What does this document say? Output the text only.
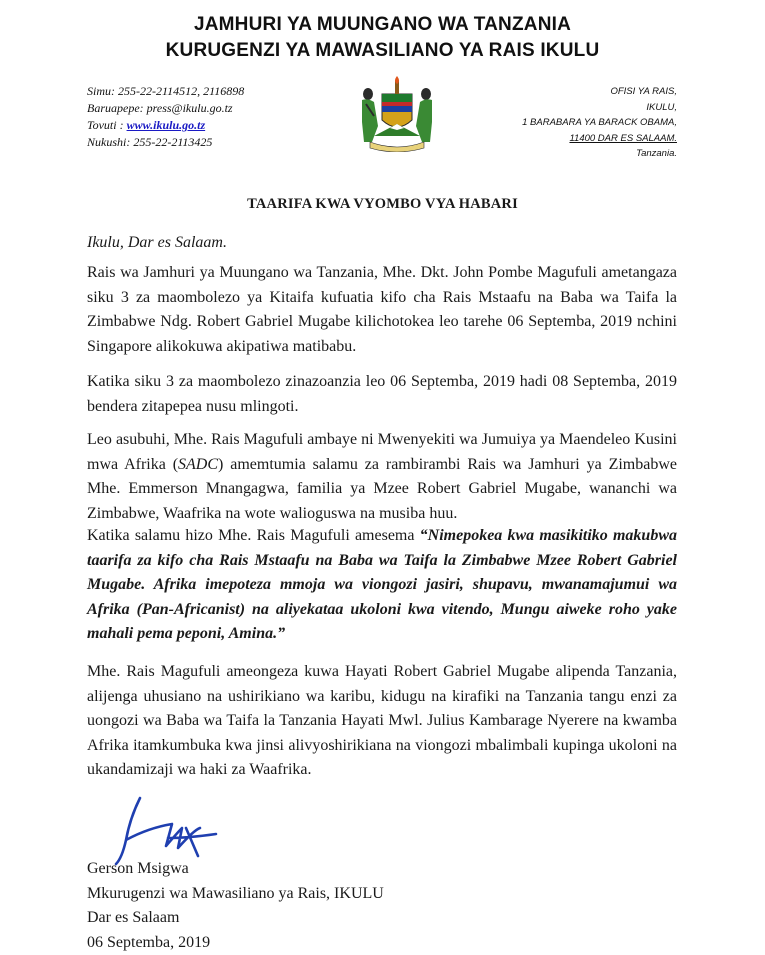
JAMHURI YA MUUNGANO WA TANZANIA
KURUGENZI YA MAWASILIANO YA RAIS IKULU
Simu: 255-22-2114512, 2116898
Baruapepe: press@ikulu.go.tz
Tovuti : www.ikulu.go.tz
Nukushi: 255-22-2113425
OFISI YA RAIS,
IKULU,
1 BARABARA YA BARACK OBAMA,
11400 DAR ES SALAAM.
Tanzania.
TAARIFA KWA VYOMBO VYA HABARI
Ikulu, Dar es Salaam.
Rais wa Jamhuri ya Muungano wa Tanzania, Mhe. Dkt. John Pombe Magufuli ametangaza siku 3 za maombolezo ya Kitaifa kufuatia kifo cha Rais Mstaafu na Baba wa Taifa la Zimbabwe Ndg. Robert Gabriel Mugabe kilichotokea leo tarehe 06 Septemba, 2019 nchini Singapore alikokuwa akipatiwa matibabu.
Katika siku 3 za maombolezo zinazoanzia leo 06 Septemba, 2019 hadi 08 Septemba, 2019 bendera zitapepea nusu mlingoti.
Leo asubuhi, Mhe. Rais Magufuli ambaye ni Mwenyekiti wa Jumuiya ya Maendeleo Kusini mwa Afrika (SADC) amemtumia salamu za rambirambi Rais wa Jamhuri ya Zimbabwe Mhe. Emmerson Mnangagwa, familia ya Mzee Robert Gabriel Mugabe, wananchi wa Zimbabwe, Waafrika na wote walioguswa na musiba huu.
Katika salamu hizo Mhe. Rais Magufuli amesema “Nimepokea kwa masikitiko makubwa taarifa za kifo cha Rais Mstaafu na Baba wa Taifa la Zimbabwe Mzee Robert Gabriel Mugabe. Afrika imepoteza mmoja wa viongozi jasiri, shupavu, mwanamajumui wa Afrika (Pan-Africanist) na aliyekataa ukoloni kwa vitendo, Mungu aiweke roho yake mahali pema peponi, Amina.”
Mhe. Rais Magufuli ameongeza kuwa Hayati Robert Gabriel Mugabe alipenda Tanzania, alijenga uhusiano na ushirikiano wa karibu, kidugu na kirafiki na Tanzania tangu enzi za uongozi wa Baba wa Taifa la Tanzania Hayati Mwl. Julius Kambarage Nyerere na kwamba Afrika itamkumbuka kwa jinsi alivyoshirikiana na viongozi mbalimbali kupinga ukoloni na ukandamizaji wa haki za Waafrika.
Gerson Msigwa
Mkurugenzi wa Mawasiliano ya Rais, IKULU
Dar es Salaam
06 Septemba, 2019
